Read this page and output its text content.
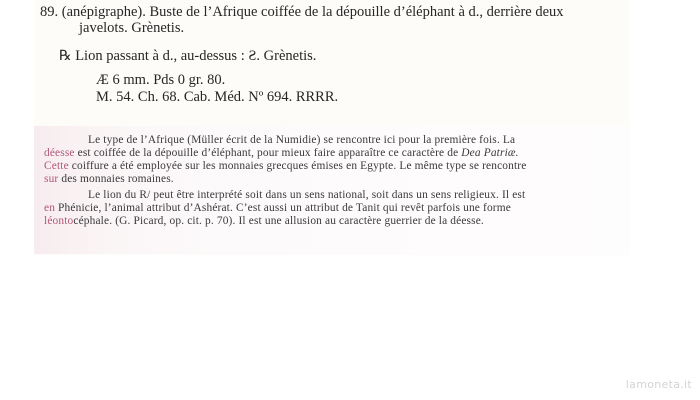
89. (anépigraphe). Buste de l’Afrique coiffée de la dépouille d’éléphant à d., derrière deux
javelots. Grènetis.
℞ Lion passant à d., au-dessus : Ƨ. Grènetis.
Æ 6 mm. Pds 0 gr. 80.
M. 54. Ch. 68. Cab. Méd. Nº 694. RRRR.
Le type de l’Afrique (Müller écrit de la Numidie) se rencontre ici pour la première fois. La
déesse est coiffée de la dépouille d’éléphant, pour mieux faire apparaître ce caractère de Dea Patriæ.
Cette coiffure a été employée sur les monnaies grecques émises en Egypte. Le même type se rencontre
sur des monnaies romaines.
Le lion du R/ peut être interprété soit dans un sens national, soit dans un sens religieux. Il est
en Phénicie, l’animal attribut d’Ashérat. C’est aussi un attribut de Tanit qui revêt parfois une forme
léontocéphale. (G. Picard, op. cit. p. 70). Il est une allusion au caractère guerrier de la déesse.
lamoneta.it
